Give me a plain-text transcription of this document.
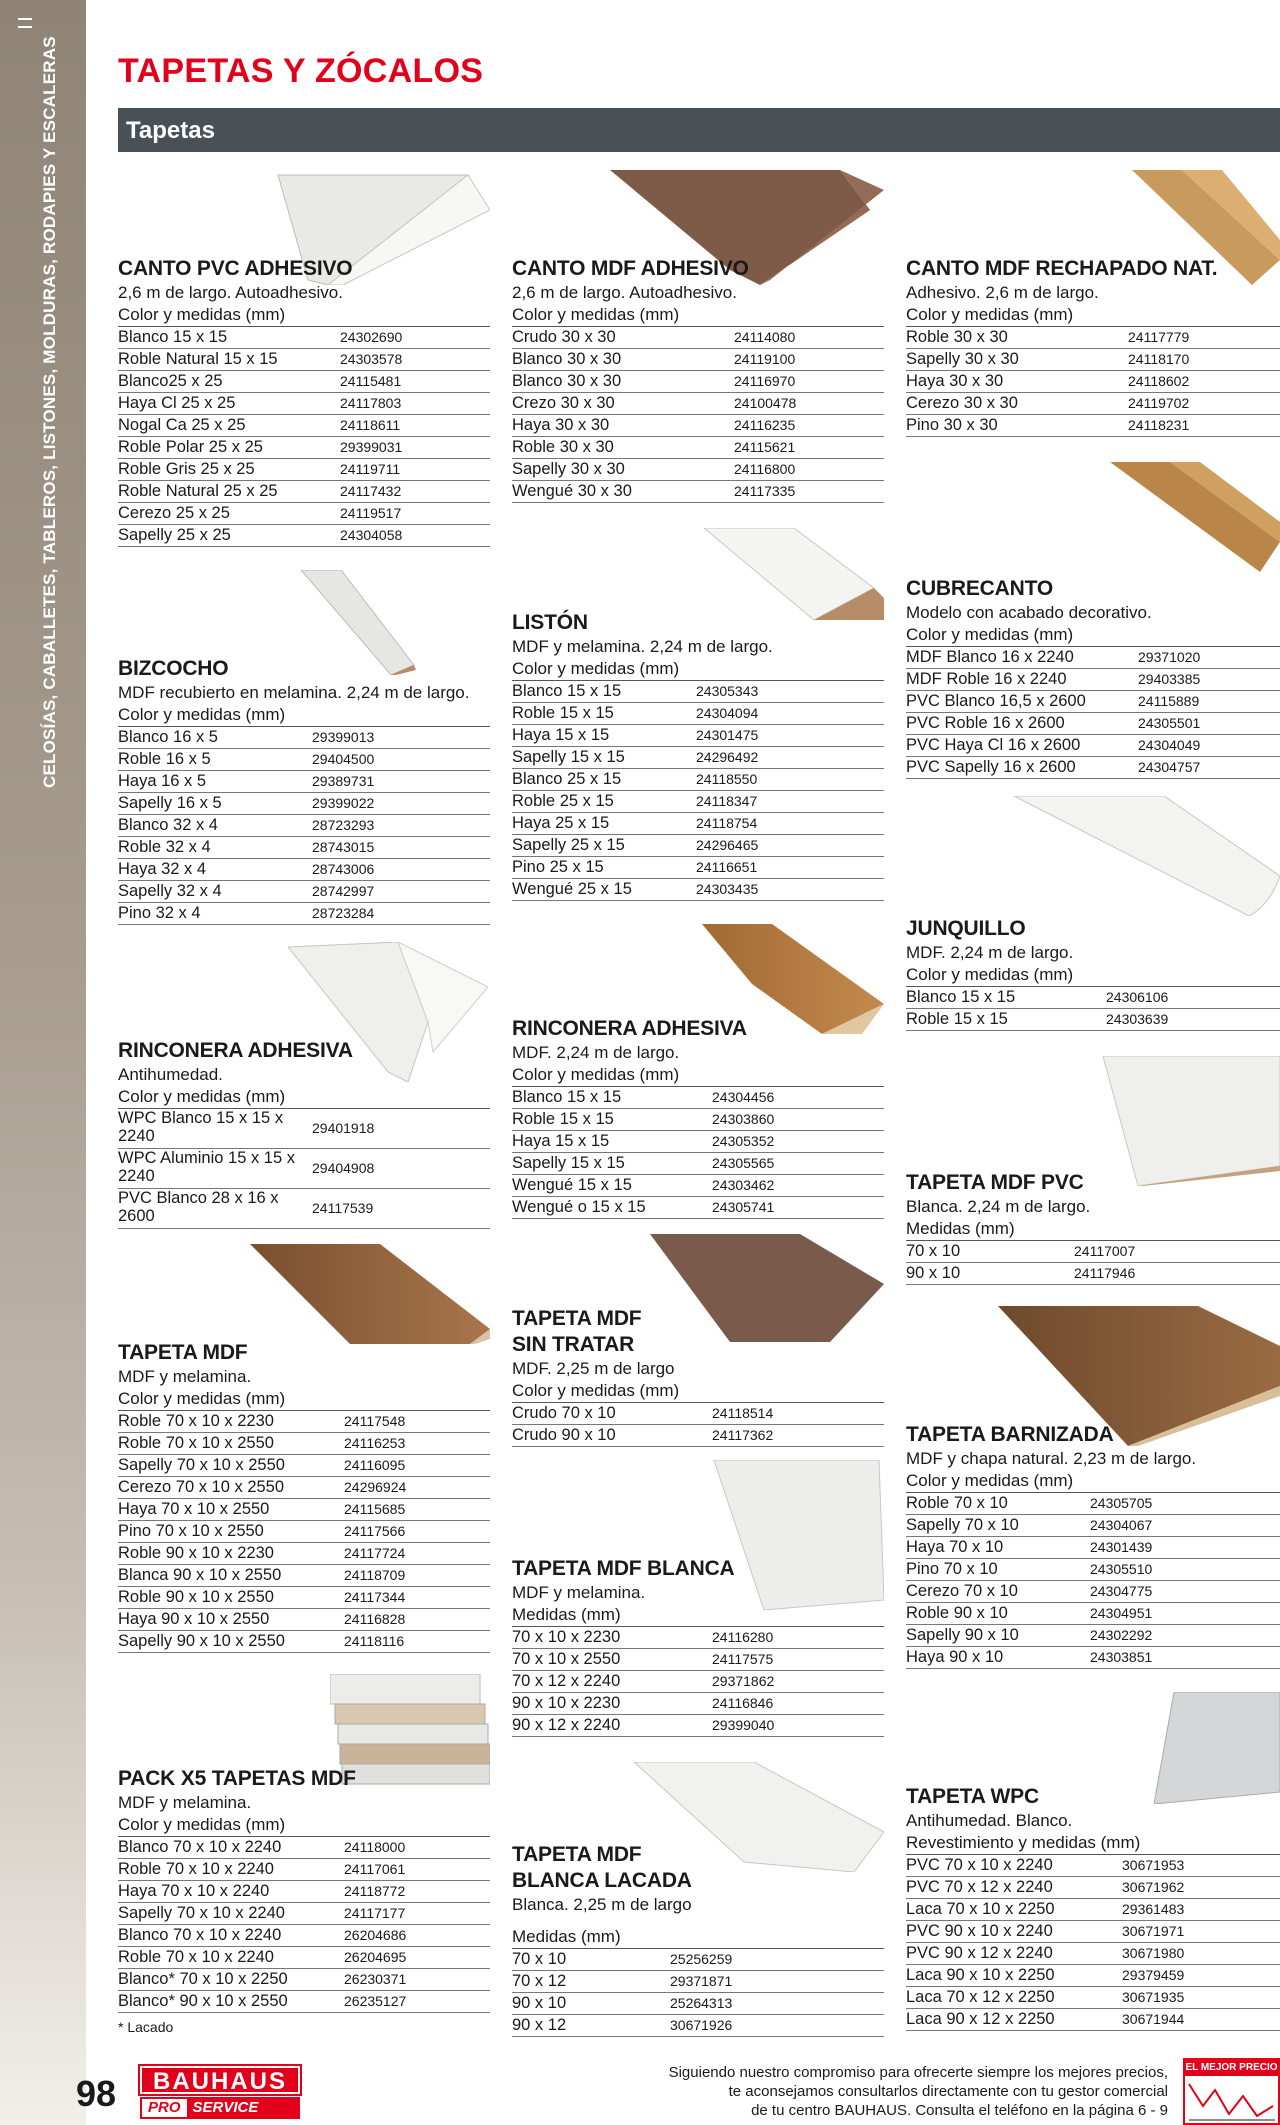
CELOSÍAS, CABALLETES, TABLEROS, LISTONES, MOLDURAS, RODAPIES Y ESCALERAS TAPETAS Y ZÓCALOS
Tapetas
CANTO PVC ADHESIVO
2,6 m de largo. Autoadhesivo.
Color y medidas (mm)
Blanco 15 x 15	24302690
Roble Natural 15 x 15	24303578
Blanco25 x 25	24115481
Haya Cl 25 x 25	24117803
Nogal Ca 25 x 25	24118611
Roble Polar 25 x 25	29399031
Roble Gris 25 x 25	24119711
Roble Natural 25 x 25	24117432
Cerezo 25 x 25	24119517
Sapelly 25 x 25	24304058
BIZCOCHO
MDF recubierto en melamina. 2,24 m de largo.
Color y medidas (mm)
Blanco 16 x 5	29399013
Roble 16 x 5	29404500
Haya 16 x 5	29389731
Sapelly 16 x 5	29399022
Blanco 32 x 4	28723293
Roble 32 x 4	28743015
Haya 32 x 4	28743006
Sapelly 32 x 4	28742997
Pino 32 x 4	28723284
RINCONERA ADHESIVA
Antihumedad.
Color y medidas (mm)
WPC Blanco 15 x 15 x 2240	29401918
WPC Aluminio 15 x 15 x 2240	29404908
PVC Blanco 28 x 16 x 2600	24117539
TAPETA MDF
MDF y melamina.
Color y medidas (mm)
Roble 70 x 10 x 2230	24117548
Roble 70 x 10 x 2550	24116253
Sapelly 70 x 10 x 2550	24116095
Cerezo 70 x 10 x 2550	24296924
Haya 70 x 10 x 2550	24115685
Pino 70 x 10 x 2550	24117566
Roble 90 x 10 x 2230	24117724
Blanca 90 x 10 x 2550	24118709
Roble 90 x 10 x 2550	24117344
Haya 90 x 10 x 2550	24116828
Sapelly 90 x 10 x 2550	24118116
PACK X5 TAPETAS MDF
MDF y melamina.
Color y medidas (mm)
Blanco 70 x 10 x 2240	24118000
Roble 70 x 10 x 2240	24117061
Haya 70 x 10 x 2240	24118772
Sapelly 70 x 10 x 2240	24117177
Blanco 70 x 10 x 2240	26204686
Roble 70 x 10 x 2240	26204695
Blanco* 70 x 10 x 2250	26230371
Blanco* 90 x 10 x 2550	26235127
* Lacado
CANTO MDF ADHESIVO
2,6 m de largo. Autoadhesivo.
Color y medidas (mm)
Crudo 30 x 30	24114080
Blanco 30 x 30	24119100
Blanco 30 x 30	24116970
Crezo 30 x 30	24100478
Haya 30 x 30	24116235
Roble 30 x 30	24115621
Sapelly 30 x 30	24116800
Wengué 30 x 30	24117335
LISTÓN
MDF y melamina. 2,24 m de largo.
Color y medidas (mm)
Blanco 15 x 15	24305343
Roble 15 x 15	24304094
Haya 15 x 15	24301475
Sapelly 15 x 15	24296492
Blanco 25 x 15	24118550
Roble 25 x 15	24118347
Haya 25 x 15	24118754
Sapelly 25 x 15	24296465
Pino 25 x 15	24116651
Wengué 25 x 15	24303435
RINCONERA ADHESIVA
MDF. 2,24 m de largo.
Color y medidas (mm)
Blanco 15 x 15	24304456
Roble 15 x 15	24303860
Haya 15 x 15	24305352
Sapelly 15 x 15	24305565
Wengué 15 x 15	24303462
Wengué o 15 x 15	24305741
TAPETA MDF
SIN TRATAR
MDF. 2,25 m de largo
Color y medidas (mm)
Crudo 70 x 10	24118514
Crudo 90 x 10	24117362
TAPETA MDF BLANCA
MDF y melamina.
Medidas (mm)
70 x 10 x 2230	24116280
70 x 10 x 2550	24117575
70 x 12 x 2240	29371862
90 x 10 x 2230	24116846
90 x 12 x 2240	29399040
TAPETA MDF
BLANCA LACADA
Blanca. 2,25 m de largo
Medidas (mm)
70 x 10	25256259
70 x 12	29371871
90 x 10	25264313
90 x 12	30671926
CANTO MDF RECHAPADO NAT.
Adhesivo. 2,6 m de largo.
Color y medidas (mm)
Roble 30 x 30	24117779
Sapelly 30 x 30	24118170
Haya 30 x 30	24118602
Cerezo 30 x 30	24119702
Pino 30 x 30	24118231
CUBRECANTO
Modelo con acabado decorativo.
Color y medidas (mm)
MDF Blanco 16 x 2240	29371020
MDF Roble 16 x 2240	29403385
PVC Blanco 16,5 x 2600	24115889
PVC Roble 16 x 2600	24305501
PVC Haya Cl 16 x 2600	24304049
PVC Sapelly 16 x 2600	24304757
JUNQUILLO
MDF. 2,24 m de largo.
Color y medidas (mm)
Blanco 15 x 15	24306106
Roble 15 x 15	24303639
TAPETA MDF PVC
Blanca. 2,24 m de largo.
Medidas (mm)
70 x 10	24117007
90 x 10	24117946
TAPETA BARNIZADA
MDF y chapa natural. 2,23 m de largo.
Color y medidas (mm)
Roble 70 x 10	24305705
Sapelly 70 x 10	24304067
Haya 70 x 10	24301439
Pino 70 x 10	24305510
Cerezo 70 x 10	24304775
Roble 90 x 10	24304951
Sapelly 90 x 10	24302292
Haya 90 x 10	24303851
TAPETA WPC
Antihumedad. Blanco.
Revestimiento y medidas (mm)
PVC 70 x 10 x 2240	30671953
PVC 70 x 12 x 2240	30671962
Laca 70 x 10 x 2250	29361483
PVC 90 x 10 x 2240	30671971
PVC 90 x 12 x 2240	30671980
Laca 90 x 10 x 2250	29379459
Laca 70 x 12 x 2250	30671935
Laca 90 x 12 x 2250	30671944
98	BAUHAUS
PRO SERVICE
Siguiendo nuestro compromiso para ofrecerte siempre los mejores precios,
te aconsejamos consultarlos directamente con tu gestor comercial
de tu centro BAUHAUS. Consulta el teléfono en la página 6 - 9
EL MEJOR PRECIO
